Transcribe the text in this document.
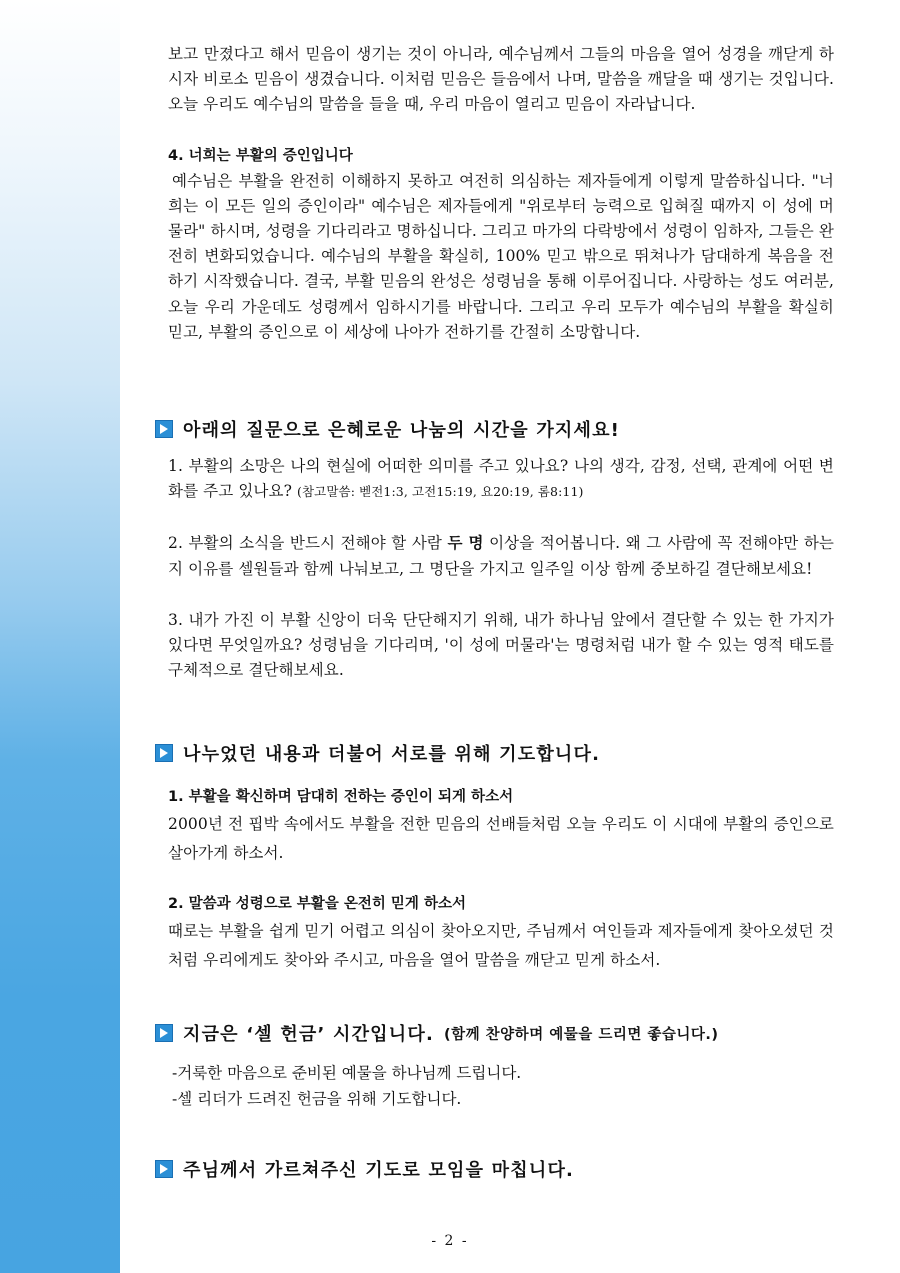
보고 만졌다고 해서 믿음이 생기는 것이 아니라, 예수님께서 그들의 마음을 열어 성경을 깨닫게 하시자 비로소 믿음이 생겼습니다. 이처럼 믿음은 들음에서 나며, 말씀을 깨달을 때 생기는 것입니다. 오늘 우리도 예수님의 말씀을 들을 때, 우리 마음이 열리고 믿음이 자라납니다.

4. 너희는 부활의 증인입니다

예수님은 부활을 완전히 이해하지 못하고 여전히 의심하는 제자들에게 이렇게 말씀하십니다. "너희는 이 모든 일의 증인이라" 예수님은 제자들에게 "위로부터 능력으로 입혀질 때까지 이 성에 머물라" 하시며, 성령을 기다리라고 명하십니다. 그리고 마가의 다락방에서 성령이 임하자, 그들은 완전히 변화되었습니다. 예수님의 부활을 확실히, 100% 믿고 밖으로 뛰쳐나가 담대하게 복음을 전하기 시작했습니다. 결국, 부활 믿음의 완성은 성령님을 통해 이루어집니다. 사랑하는 성도 여러분, 오늘 우리 가운데도 성령께서 임하시기를 바랍니다. 그리고 우리 모두가 예수님의 부활을 확실히 믿고, 부활의 증인으로 이 세상에 나아가 전하기를 간절히 소망합니다.

아래의 질문으로 은혜로운 나눔의 시간을 가지세요!

1. 부활의 소망은 나의 현실에 어떠한 의미를 주고 있나요? 나의 생각, 감정, 선택, 관계에 어떤 변화를 주고 있나요? (참고말씀: 벧전1:3, 고전15:19, 요20:19, 롬8:11)

2. 부활의 소식을 반드시 전해야 할 사람 두 명 이상을 적어봅니다. 왜 그 사람에 꼭 전해야만 하는지 이유를 셀원들과 함께 나눠보고, 그 명단을 가지고 일주일 이상 함께 중보하길 결단해보세요!

3. 내가 가진 이 부활 신앙이 더욱 단단해지기 위해, 내가 하나님 앞에서 결단할 수 있는 한 가지가 있다면 무엇일까요? 성령님을 기다리며, '이 성에 머물라'는 명령처럼 내가 할 수 있는 영적 태도를 구체적으로 결단해보세요.

나누었던 내용과 더불어 서로를 위해 기도합니다.

1. 부활을 확신하며 담대히 전하는 증인이 되게 하소서

2000년 전 핍박 속에서도 부활을 전한 믿음의 선배들처럼 오늘 우리도 이 시대에 부활의 증인으로 살아가게 하소서.

2. 말씀과 성령으로 부활을 온전히 믿게 하소서

때로는 부활을 쉽게 믿기 어렵고 의심이 찾아오지만, 주님께서 여인들과 제자들에게 찾아오셨던 것처럼 우리에게도 찾아와 주시고, 마음을 열어 말씀을 깨닫고 믿게 하소서.

지금은 ‘셀 헌금’ 시간입니다. (함께 찬양하며 예물을 드리면 좋습니다.)

-거룩한 마음으로 준비된 예물을 하나님께 드립니다.

-셀 리더가 드려진 헌금을 위해 기도합니다.

주님께서 가르쳐주신 기도로 모임을 마칩니다.
- 2 -
